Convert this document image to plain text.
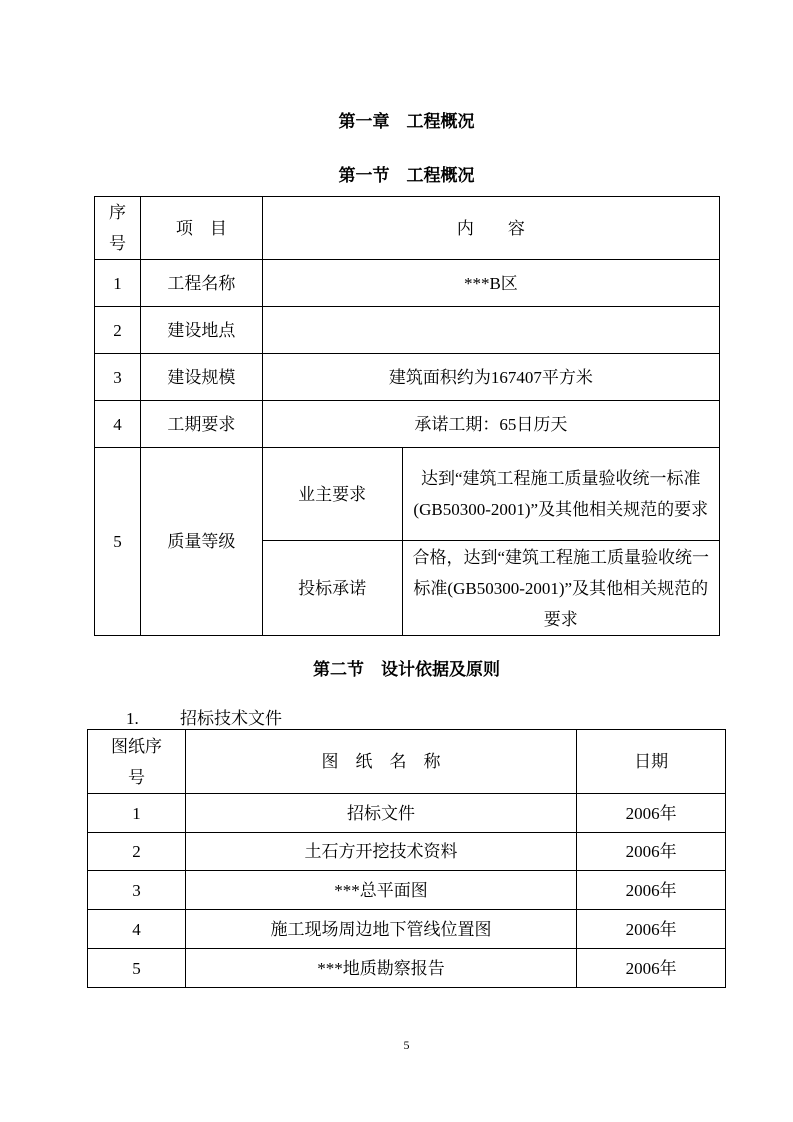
第一章　工程概况
第一节　工程概况
序号	项　目	内　　容	
1	工程名称	***B区	
2	建设地点		
3	建设规模	建筑面积约为167407平方米	
4	工期要求	承诺工期：65日历天	
5	质量等级	业主要求	达到“建筑工程施工质量验收统一标准(GB50300-2001)”及其他相关规范的要求
		投标承诺	合格，达到“建筑工程施工质量验收统一标准(GB50300-2001)”及其他相关规范的要求
第二节　设计依据及原则
1. 招标技术文件
图纸序号	图　纸　名　称	日期
1	招标文件	2006年
2	土石方开挖技术资料	2006年
3	***总平面图	2006年
4	施工现场周边地下管线位置图	2006年
5	***地质勘察报告	2006年
5
